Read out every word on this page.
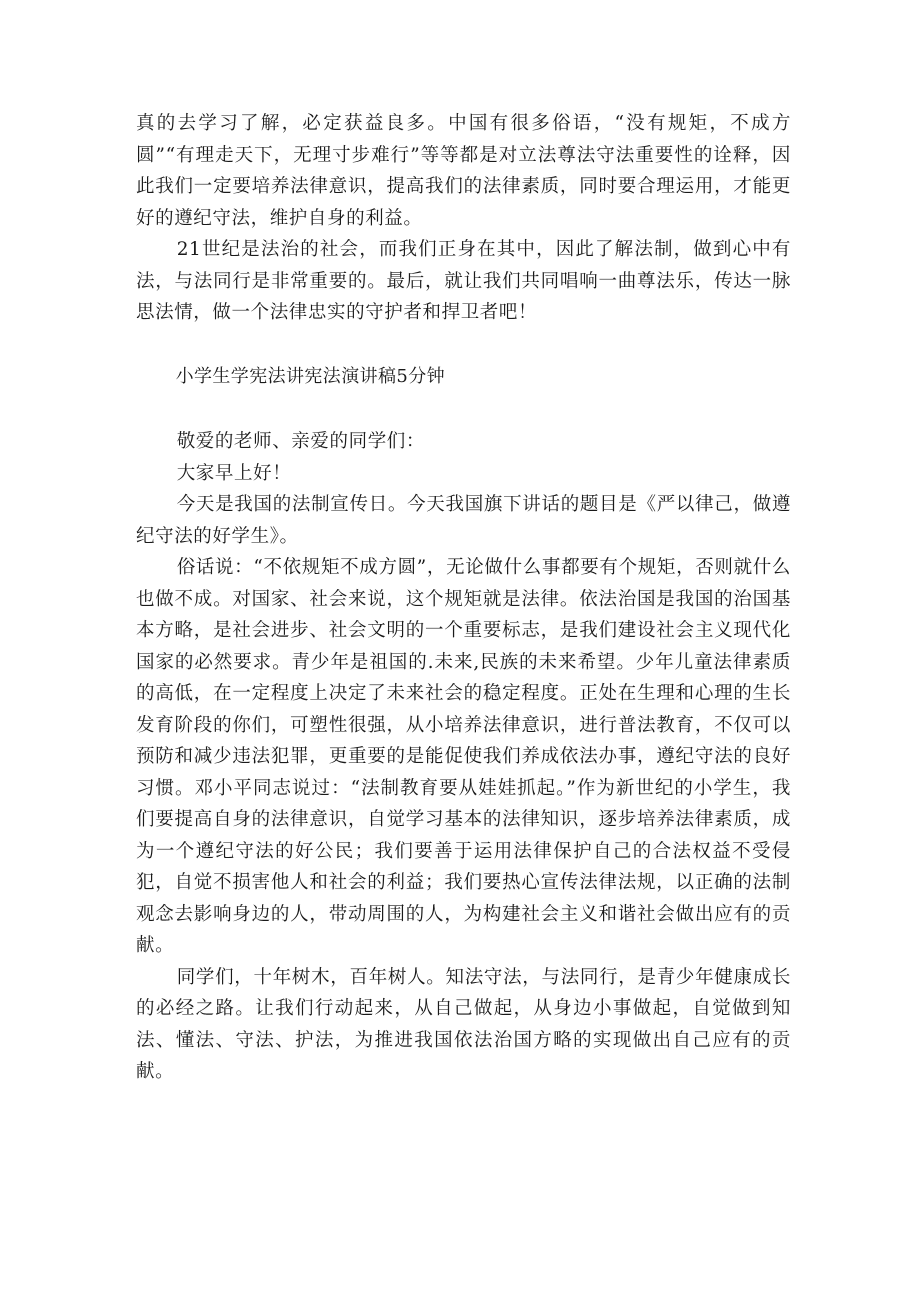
真的去学习了解，必定获益良多。中国有很多俗语，“没有规矩，不成方圆”“有理走天下，无理寸步难行”等等都是对立法尊法守法重要性的诠释，因此我们一定要培养法律意识，提高我们的法律素质，同时要合理运用，才能更好的遵纪守法，维护自身的利益。

21世纪是法治的社会，而我们正身在其中，因此了解法制，做到心中有法，与法同行是非常重要的。最后，就让我们共同唱响一曲尊法乐，传达一脉思法情，做一个法律忠实的守护者和捍卫者吧！

小学生学宪法讲宪法演讲稿5分钟

敬爱的老师、亲爱的同学们：

大家早上好！

今天是我国的法制宣传日。今天我国旗下讲话的题目是《严以律己，做遵纪守法的好学生》。

俗话说：“不依规矩不成方圆”，无论做什么事都要有个规矩，否则就什么也做不成。对国家、社会来说，这个规矩就是法律。依法治国是我国的治国基本方略，是社会进步、社会文明的一个重要标志，是我们建设社会主义现代化国家的必然要求。青少年是祖国的.未来,民族的未来希望。少年儿童法律素质的高低，在一定程度上决定了未来社会的稳定程度。正处在生理和心理的生长发育阶段的你们，可塑性很强，从小培养法律意识，进行普法教育，不仅可以预防和减少违法犯罪，更重要的是能促使我们养成依法办事，遵纪守法的良好习惯。邓小平同志说过：“法制教育要从娃娃抓起。”作为新世纪的小学生，我们要提高自身的法律意识，自觉学习基本的法律知识，逐步培养法律素质，成为一个遵纪守法的好公民；我们要善于运用法律保护自己的合法权益不受侵犯，自觉不损害他人和社会的利益；我们要热心宣传法律法规，以正确的法制观念去影响身边的人，带动周围的人，为构建社会主义和谐社会做出应有的贡献。

同学们，十年树木，百年树人。知法守法，与法同行，是青少年健康成长的必经之路。让我们行动起来，从自己做起，从身边小事做起，自觉做到知法、懂法、守法、护法，为推进我国依法治国方略的实现做出自己应有的贡献。
